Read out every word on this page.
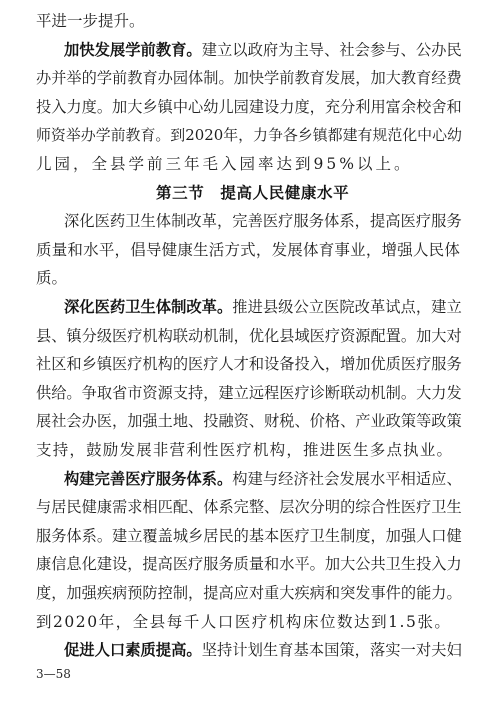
平进一步提升。
加快发展学前教育。建立以政府为主导、社会参与、公办民
办并举的学前教育办园体制。加快学前教育发展，加大教育经费
投入力度。加大乡镇中心幼儿园建设力度，充分利用富余校舍和
师资举办学前教育。到2020年，力争各乡镇都建有规范化中心幼
儿园，全县学前三年毛入园率达到95%以上。
第三节　提高人民健康水平
深化医药卫生体制改革，完善医疗服务体系，提高医疗服务
质量和水平，倡导健康生活方式，发展体育事业，增强人民体
质。
深化医药卫生体制改革。推进县级公立医院改革试点，建立
县、镇分级医疗机构联动机制，优化县域医疗资源配置。加大对
社区和乡镇医疗机构的医疗人才和设备投入，增加优质医疗服务
供给。争取省市资源支持，建立远程医疗诊断联动机制。大力发
展社会办医，加强土地、投融资、财税、价格、产业政策等政策
支持，鼓励发展非营利性医疗机构，推进医生多点执业。
构建完善医疗服务体系。构建与经济社会发展水平相适应、
与居民健康需求相匹配、体系完整、层次分明的综合性医疗卫生
服务体系。建立覆盖城乡居民的基本医疗卫生制度，加强人口健
康信息化建设，提高医疗服务质量和水平。加大公共卫生投入力
度，加强疾病预防控制，提高应对重大疾病和突发事件的能力。
到2020年，全县每千人口医疗机构床位数达到1.5张。
促进人口素质提高。坚持计划生育基本国策，落实一对夫妇
3—58
